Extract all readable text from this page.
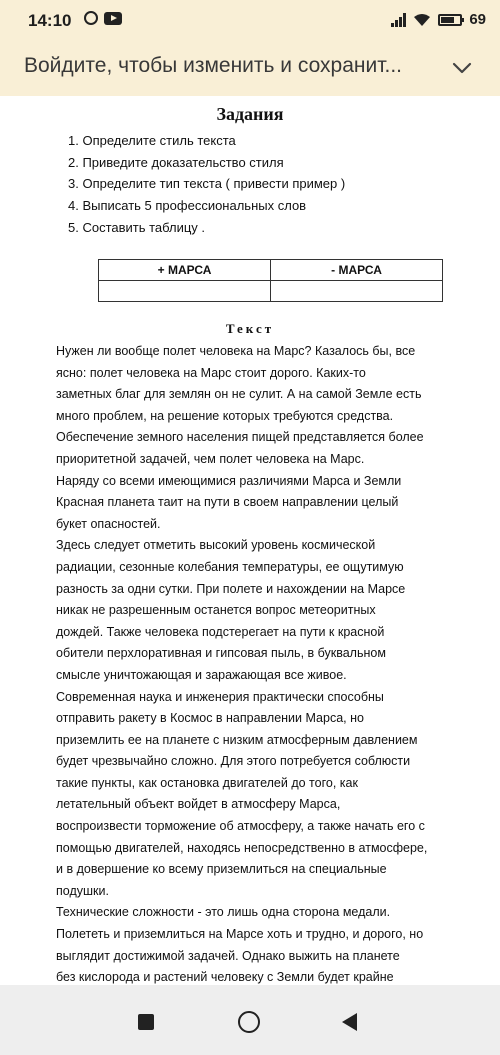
14:10	69
Войдите, чтобы изменить и сохранит...
Задания
1. Определите стиль текста
2. Приведите доказательство стиля
3. Определите тип текста ( привести пример )
4. Выписать 5 профессиональных слов
5. Составить таблицу .
+ МАРСА	- МАРСА

Текст
Нужен ли вообще полет человека на Марс? Казалось бы, все
ясно: полет человека на Марс стоит дорого. Каких-то
заметных благ для землян он не сулит. А на самой Земле есть
много проблем, на решение которых требуются средства.
Обеспечение земного населения пищей представляется более
приоритетной задачей, чем полет человека на Марс.
Наряду со всеми имеющимися различиями Марса и Земли
Красная планета таит на пути в своем направлении целый
букет опасностей.
Здесь следует отметить высокий уровень космической
радиации, сезонные колебания температуры, ее ощутимую
разность за одни сутки. При полете и нахождении на Марсе
никак не разрешенным останется вопрос метеоритных
дождей. Также человека подстерегает на пути к красной
обители перхлоративная и гипсовая пыль, в буквальном
смысле уничтожающая и заражающая все живое.
Современная наука и инженерия практически способны
отправить ракету в Космос в направлении Марса, но
приземлить ее на планете с низким атмосферным давлением
будет чрезвычайно сложно. Для этого потребуется соблюсти
такие пункты, как остановка двигателей до того, как
летательный объект войдет в атмосферу Марса,
воспроизвести торможение об атмосферу, а также начать его с
помощью двигателей, находясь непосредственно в атмосфере,
и в довершение ко всему приземлиться на специальные
подушки.
Технические сложности - это лишь одна сторона медали.
Полететь и приземлиться на Марсе хоть и трудно, и дорого, но
выглядит достижимой задачей. Однако выжить на планете
без кислорода и растений человеку с Земли будет крайне
